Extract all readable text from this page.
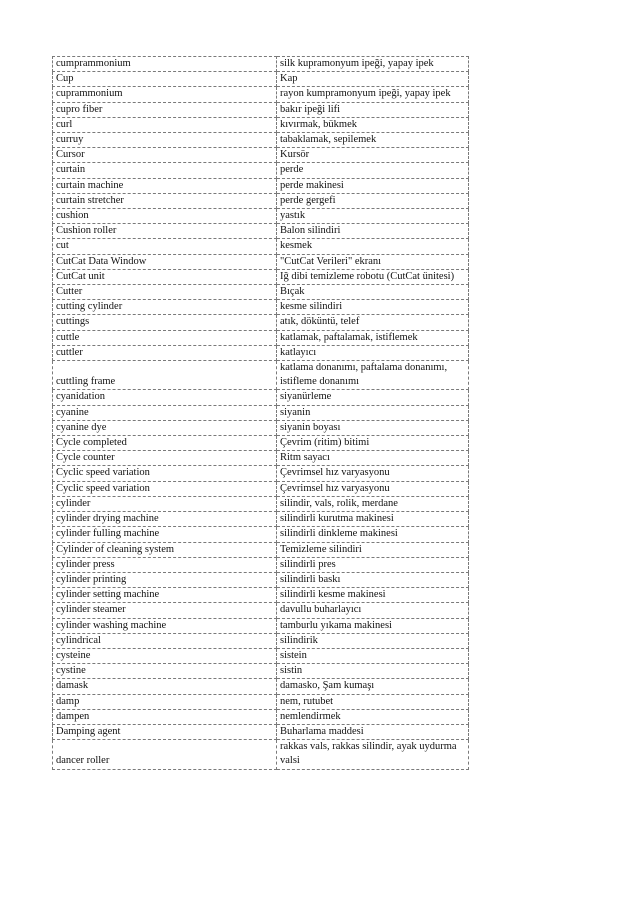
cumprammonium	silk kupramonyum ipeği, yapay ipek
Cup	Kap
cuprammonium	rayon kumpramonyum ipeği, yapay ipek
cupro fiber	bakır ipeği lifi
curl	kıvırmak, bükmek
curruy	tabaklamak, sepilemek
Cursor	Kursör
curtain	perde
curtain machine	perde makinesi
curtain stretcher	perde gergefi
cushion	yastık
Cushion roller	Balon silindiri
cut	kesmek
CutCat Data Window	"CutCat Verileri" ekranı
CutCat unit	Iğ dibi temizleme robotu (CutCat ünitesi)
Cutter	Bıçak
cutting cylinder	kesme silindiri
cuttings	atık, döküntü, telef
cuttle	katlamak, paftalamak, istiflemek
cuttler	katlayıcı
cuttling frame	katlama donanımı, paftalama donanımı, istifleme donanımı
cyanidation	siyanürleme
cyanine	siyanin
cyanine dye	siyanin boyası
Cycle completed	Çevrim (ritim) bitimi
Cycle counter	Ritm sayacı
Cyclic speed variation	Çevrimsel hız varyasyonu
Cyclic speed variation	Çevrimsel hız varyasyonu
cylinder	silindir, vals, rolik, merdane
cylinder drying machine	silindirli kurutma makinesi
cylinder fulling machine	silindirli dinkleme makinesi
Cylinder of cleaning system	Temizleme silindiri
cylinder press	silindirli pres
cylinder printing	silindirli baskı
cylinder setting machine	silindirli kesme makinesi
cylinder steamer	davullu buharlayıcı
cylinder washing machine	tamburlu yıkama makinesi
cylindrical	silindirik
cysteine	sistein
cystine	sistin
damask	damasko, Şam kumaşı
damp	nem, rutubet
dampen	nemlendirmek
Damping agent	Buharlama maddesi
dancer roller	rakkas vals, rakkas silindir, ayak uydurma valsi
